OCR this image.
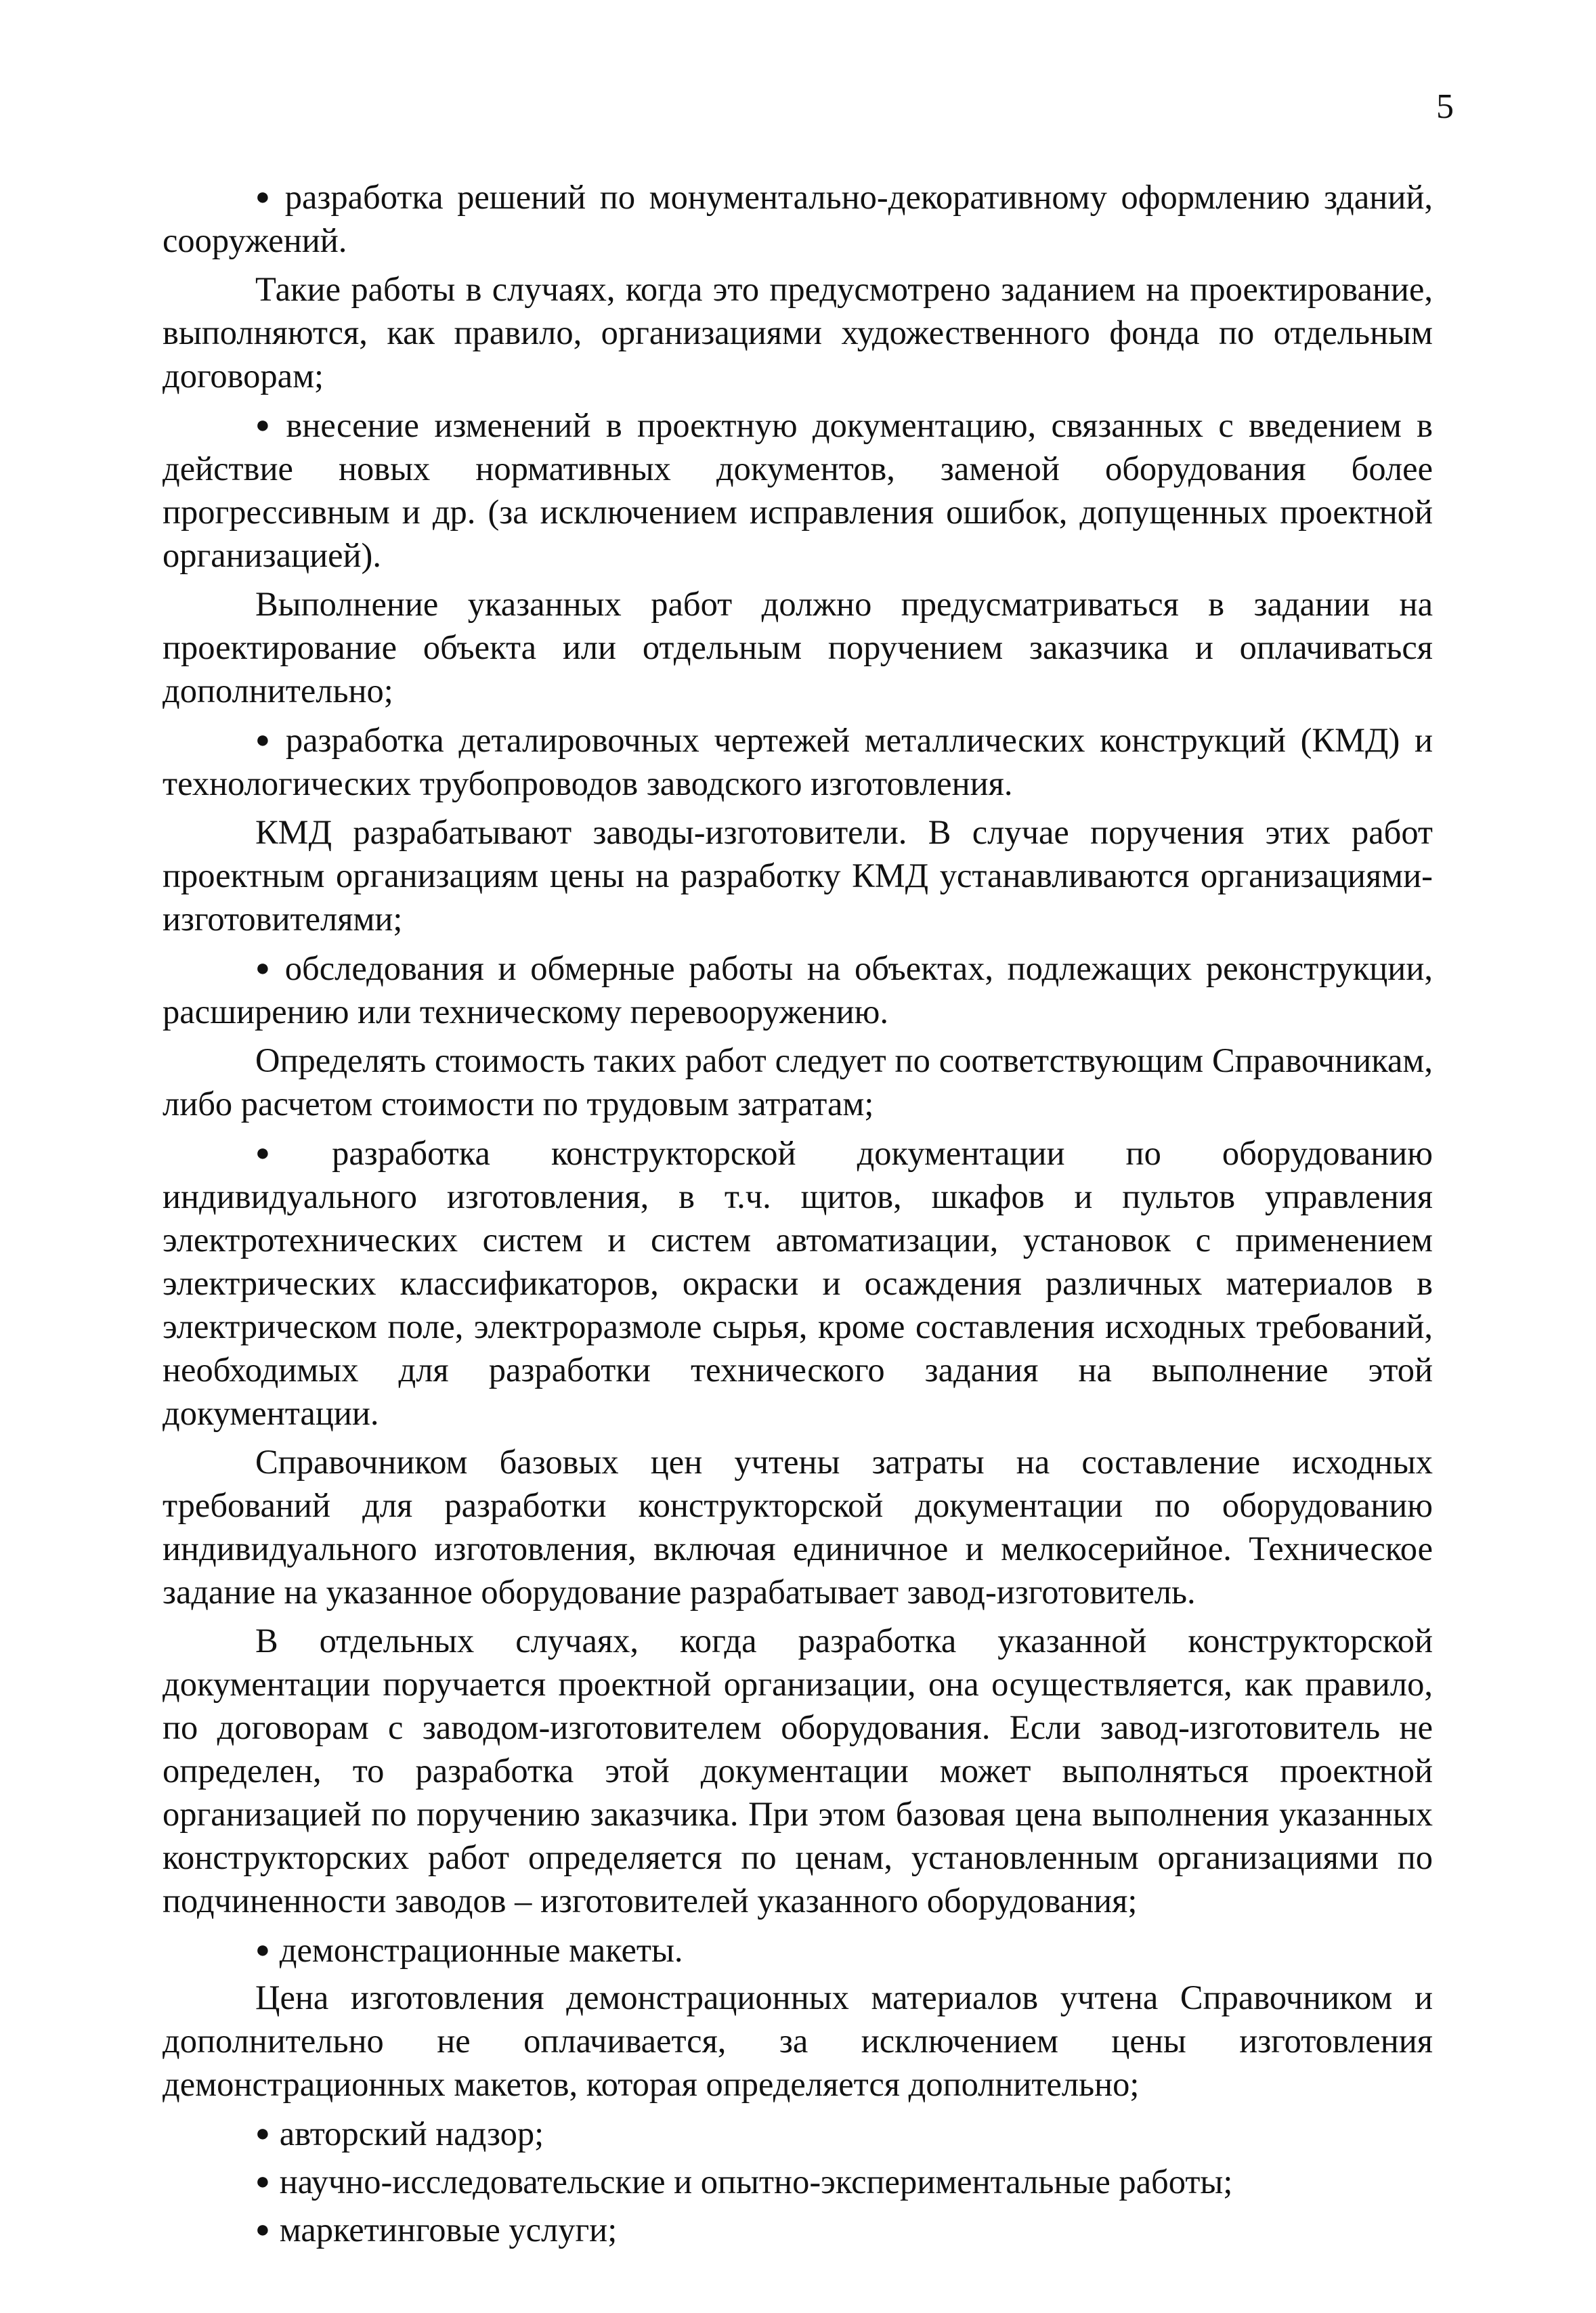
5

● разработка решений по монументально-декоративному оформлению зданий, сооружений.

Такие работы в случаях, когда это предусмотрено заданием на проектирование, выполняются, как правило, организациями художественного фонда по отдельным договорам;

● внесение изменений в проектную документацию, связанных с введением в действие новых нормативных документов, заменой оборудования более прогрессивным и др. (за исключением исправления ошибок, допущенных проектной организацией).

Выполнение указанных работ должно предусматриваться в задании на проектирование объекта или отдельным поручением заказчика и оплачиваться дополнительно;

● разработка деталировочных чертежей металлических конструкций (КМД) и технологических трубопроводов заводского изготовления.

КМД разрабатывают заводы-изготовители. В случае поручения этих работ проектным организациям цены на разработку КМД устанавливаются организациями-изготовителями;

● обследования и обмерные работы на объектах, подлежащих реконструкции, расширению или техническому перевооружению.

Определять стоимость таких работ следует по соответствующим Справочникам, либо расчетом стоимости по трудовым затратам;

● разработка конструкторской документации по оборудованию индивидуального изготовления, в т.ч. щитов, шкафов и пультов управления электротехнических систем и систем автоматизации, установок с применением электрических классификаторов, окраски и осаждения различных материалов в электрическом поле, электроразмоле сырья, кроме составления исходных требований, необходимых для разработки технического задания на выполнение этой документации.

Справочником базовых цен учтены затраты на составление исходных требований для разработки конструкторской документации по оборудованию индивидуального изготовления, включая единичное и мелкосерийное. Техническое задание на указанное оборудование разрабатывает завод-изготовитель.

В отдельных случаях, когда разработка указанной конструкторской документации поручается проектной организации, она осуществляется, как правило, по договорам с заводом-изготовителем оборудования. Если завод-изготовитель не определен, то разработка этой документации может выполняться проектной организацией по поручению заказчика. При этом базовая цена выполнения указанных конструкторских работ определяется по ценам, установленным организациями по подчиненности заводов – изготовителей указанного оборудования;

● демонстрационные макеты.

Цена изготовления демонстрационных материалов учтена Справочником и дополнительно не оплачивается, за исключением цены изготовления демонстрационных макетов, которая определяется дополнительно;

● авторский надзор;

● научно-исследовательские и опытно-экспериментальные работы;

● маркетинговые услуги;
